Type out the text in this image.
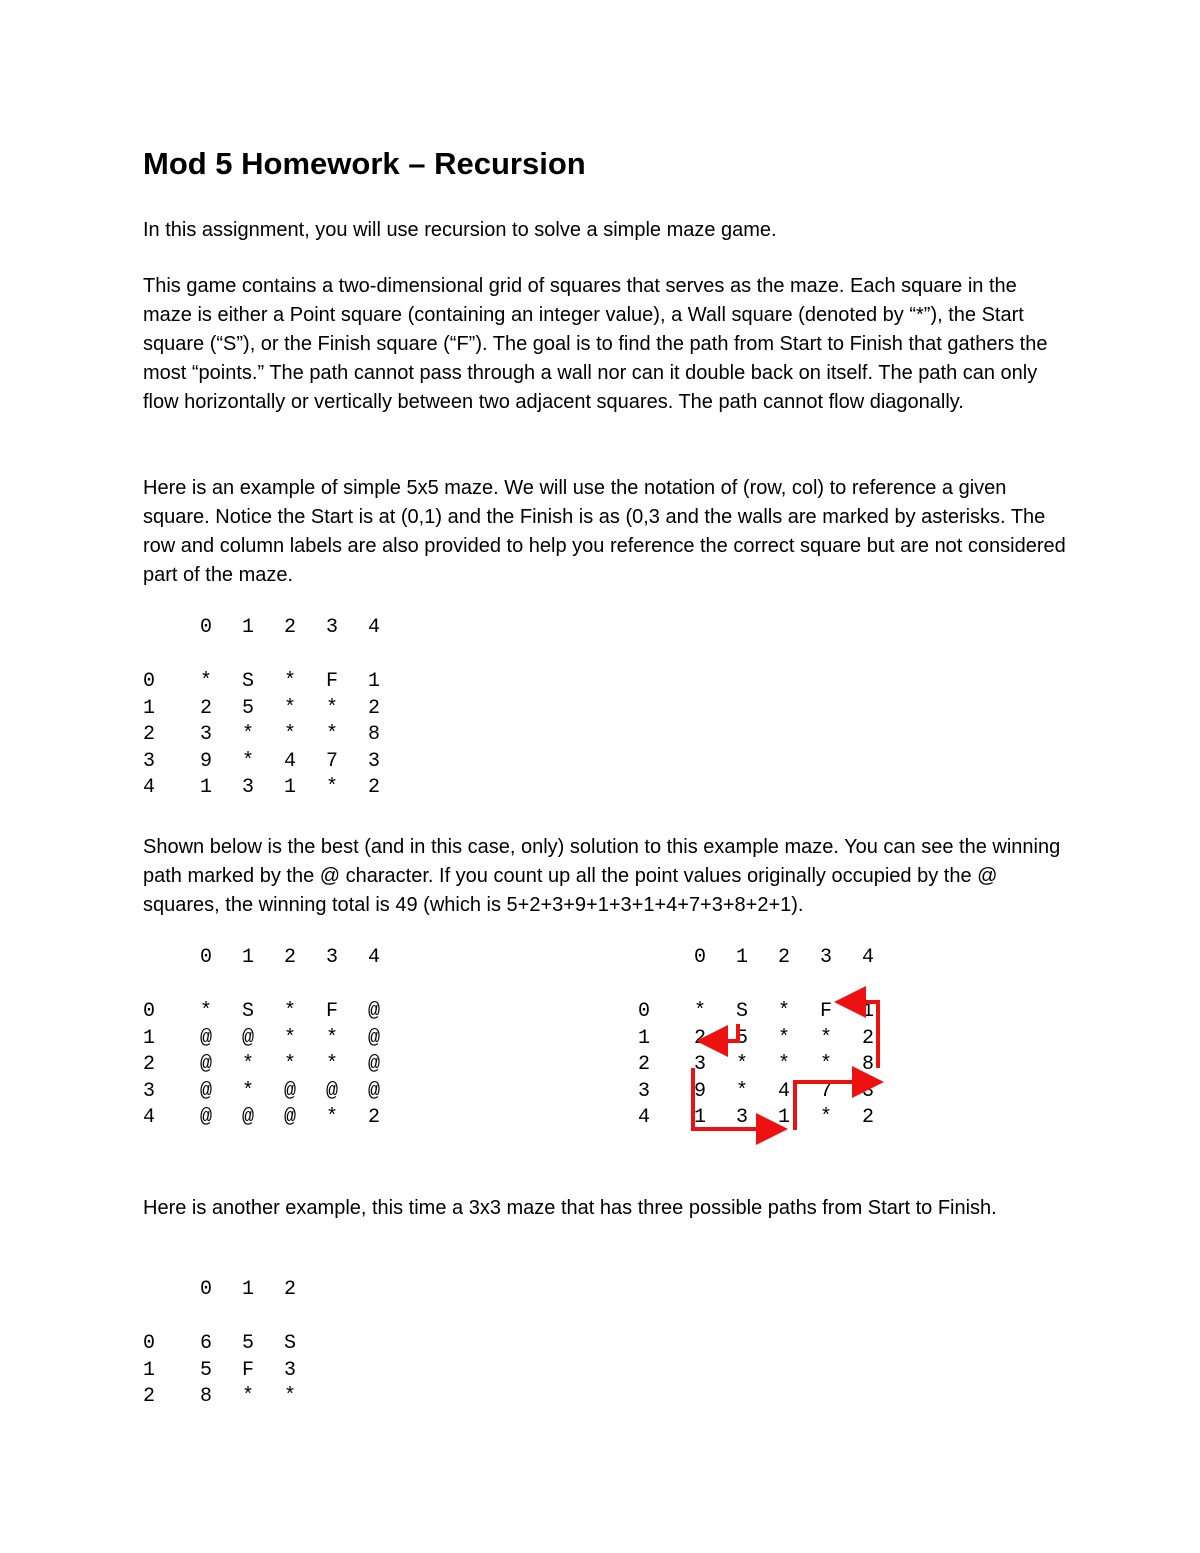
Mod 5 Homework – Recursion

In this assignment, you will use recursion to solve a simple maze game.

This game contains a two-dimensional grid of squares that serves as the maze. Each square in the maze is either a Point square (containing an integer value), a Wall square (denoted by “*”), the Start square (“S”), or the Finish square (“F”). The goal is to find the path from Start to Finish that gathers the most “points.” The path cannot pass through a wall nor can it double back on itself. The path can only flow horizontally or vertically between two adjacent squares. The path cannot flow diagonally.

Here is an example of simple 5x5 maze. We will use the notation of (row, col) to reference a given square. Notice the Start is at (0,1) and the Finish is as (0,3 and the walls are marked by asterisks. The row and column labels are also provided to help you reference the correct square but are not considered part of the maze.

Shown below is the best (and in this case, only) solution to this example maze. You can see the winning path marked by the @ character. If you count up all the point values originally occupied by the @ squares, the winning total is 49 (which is 5+2+3+9+1+3+1+4+7+3+8+2+1).

Here is another example, this time a 3x3 maze that has three possible paths from Start to Finish.

0	1	2	3	4
0	*	S	*	F	1
1	2	5	*	*	2
2	3	*	*	*	8
3	9	*	4	7	3
4	1	3	1	*	2
0	1	2	3	4
0	*	S	*	F	@
1	@	@	*	*	@
2	@	*	*	*	@
3	@	*	@	@	@
4	@	@	@	*	2
0	1	2	3	4
0	*	S	*	F	1
1	2	5	*	*	2
2	3	*	*	*	8
3	9	*	4	7	3
4	1	3	1	*	2
0	1	2
0	6	5	S
1	5	F	3
2	8	*	*
